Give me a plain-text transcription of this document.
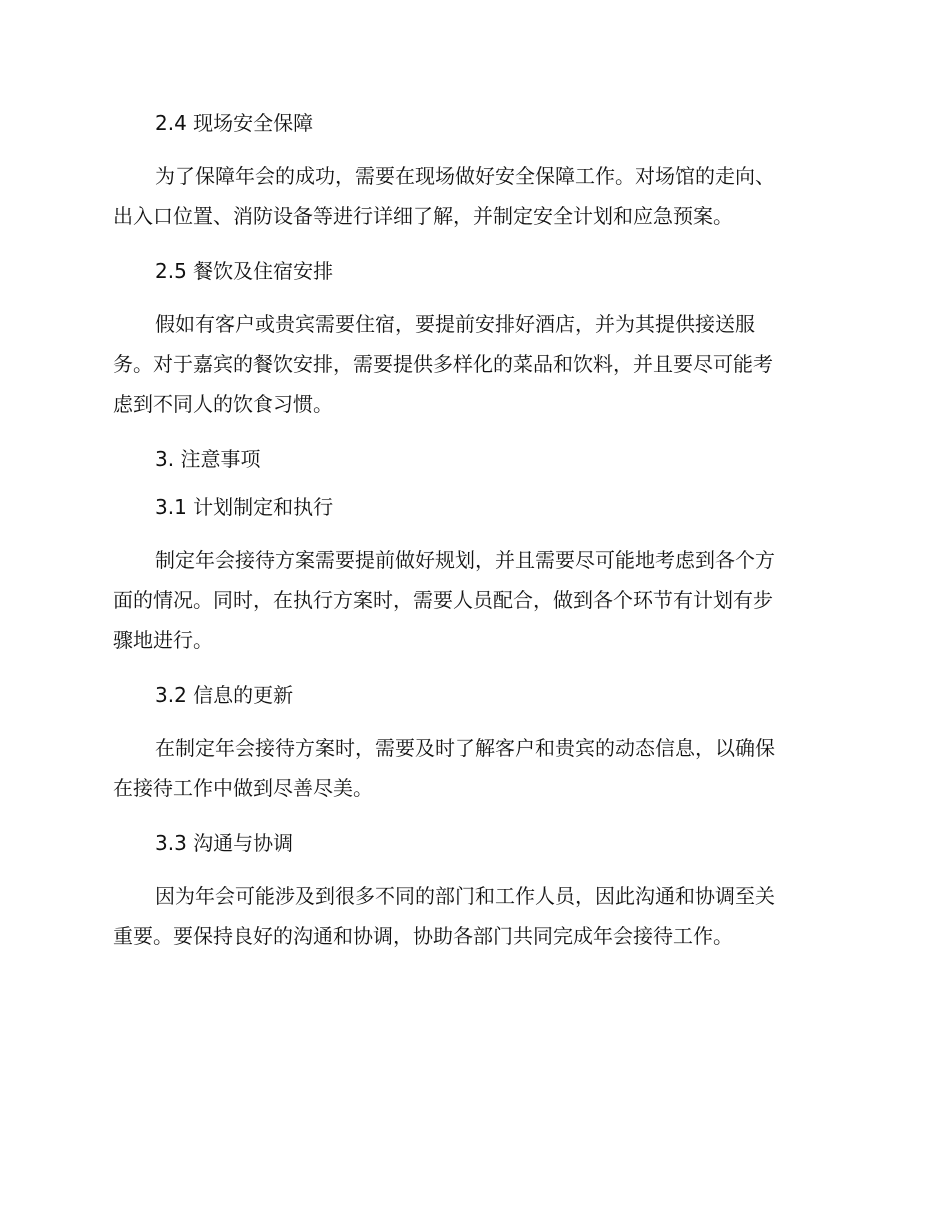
2.4 现场安全保障

为了保障年会的成功，需要在现场做好安全保障工作。对场馆的走向、
出入口位置、消防设备等进行详细了解，并制定安全计划和应急预案。

2.5 餐饮及住宿安排

假如有客户或贵宾需要住宿，要提前安排好酒店，并为其提供接送服
务。对于嘉宾的餐饮安排，需要提供多样化的菜品和饮料，并且要尽可能考
虑到不同人的饮食习惯。

3. 注意事项
3.1 计划制定和执行

制定年会接待方案需要提前做好规划，并且需要尽可能地考虑到各个方
面的情况。同时，在执行方案时，需要人员配合，做到各个环节有计划有步
骤地进行。

3.2 信息的更新

在制定年会接待方案时，需要及时了解客户和贵宾的动态信息，以确保
在接待工作中做到尽善尽美。

3.3 沟通与协调

因为年会可能涉及到很多不同的部门和工作人员，因此沟通和协调至关
重要。要保持良好的沟通和协调，协助各部门共同完成年会接待工作。
